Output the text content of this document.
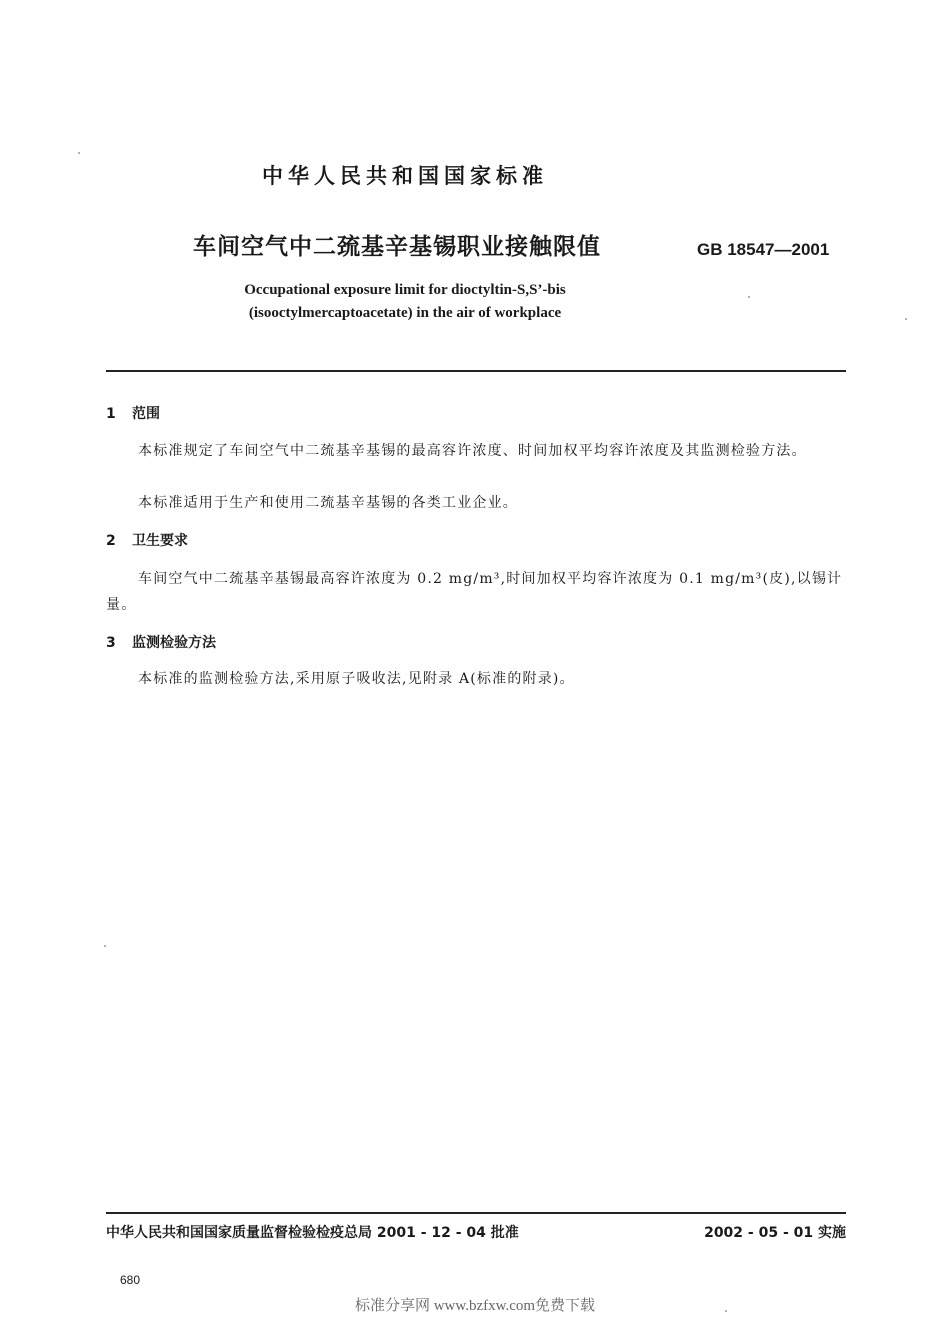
中华人民共和国国家标准
车间空气中二巯基辛基锡职业接触限值	GB 18547—2001
Occupational exposure limit for dioctyltin-S,S’-bis
(isooctylmercaptoacetate) in the air of workplace
1 范围
本标准规定了车间空气中二巯基辛基锡的最高容许浓度、时间加权平均容许浓度及其监测检验方法。
本标准适用于生产和使用二巯基辛基锡的各类工业企业。
2 卫生要求
车间空气中二巯基辛基锡最高容许浓度为 0.2 mg/m³,时间加权平均容许浓度为 0.1 mg/m³(皮),以锡计量。
3 监测检验方法
本标准的监测检验方法,采用原子吸收法,见附录 A(标准的附录)。
中华人民共和国国家质量监督检验检疫总局 2001 - 12 - 04 批准	2002 - 05 - 01 实施
680
标准分享网 www.bzfxw.com免费下载
